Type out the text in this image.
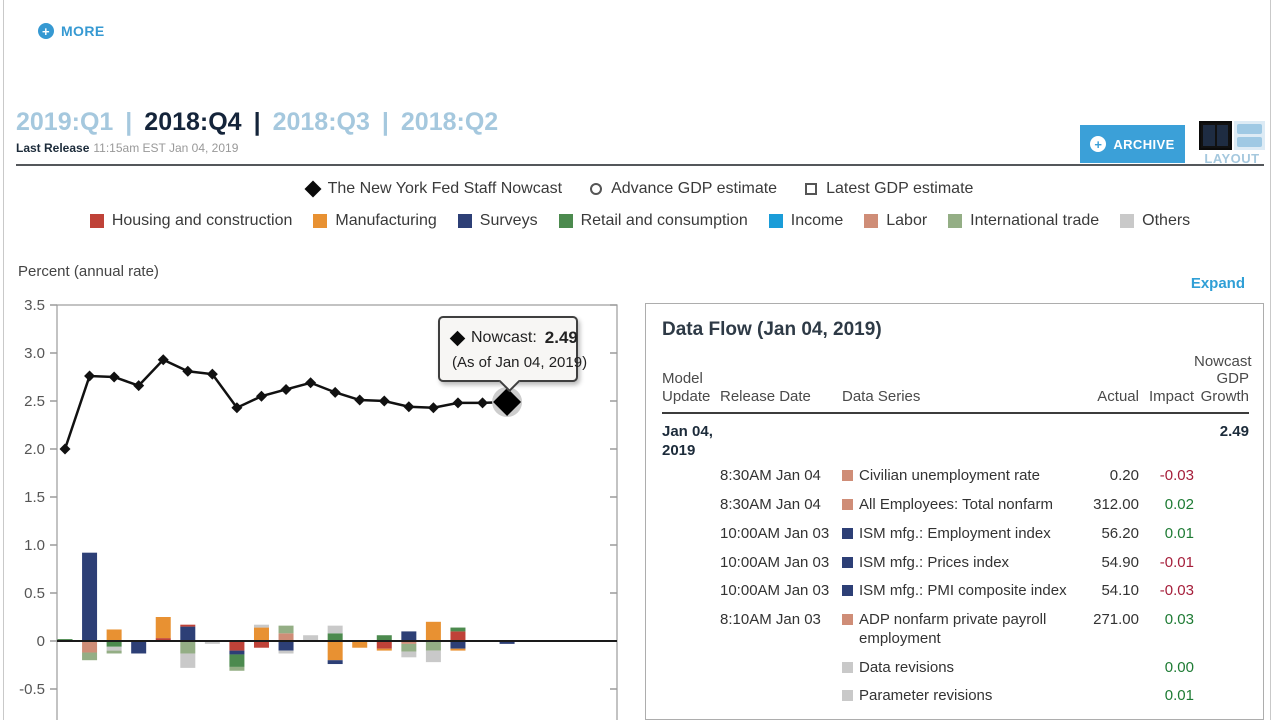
+ MORE
2019:Q1 | 2018:Q4 | 2018:Q3 | 2018:Q2
Last Release 11:15am EST Jan 04, 2019	+ ARCHIVE
LAYOUT
The New York Fed Staff Nowcast	Advance GDP estimate	Latest GDP estimate
Housing and construction	Manufacturing	Surveys	Retail and consumption	Income	Labor	International trade	Others
Percent (annual rate)
Expand
3.5
3.0
2.5
2.0
1.5
1.0
0.5
0
-0.5
Nowcast: 2.49
(As of Jan 04, 2019)
Data Flow (Jan 04, 2019)
Model Update	Release Date	Data Series	Actual	Impact	Nowcast GDP Growth
Jan 04, 2019					2.49
	8:30AM Jan 04	Civilian unemployment rate	0.20	-0.03	
	8:30AM Jan 04	All Employees: Total nonfarm	312.00	0.02	
	10:00AM Jan 03	ISM mfg.: Employment index	56.20	0.01	
	10:00AM Jan 03	ISM mfg.: Prices index	54.90	-0.01	
	10:00AM Jan 03	ISM mfg.: PMI composite index	54.10	-0.03	
	8:10AM Jan 03	ADP nonfarm private payroll employment	271.00	0.03	

		Data revisions		0.00	

		Parameter revisions		0.01	
